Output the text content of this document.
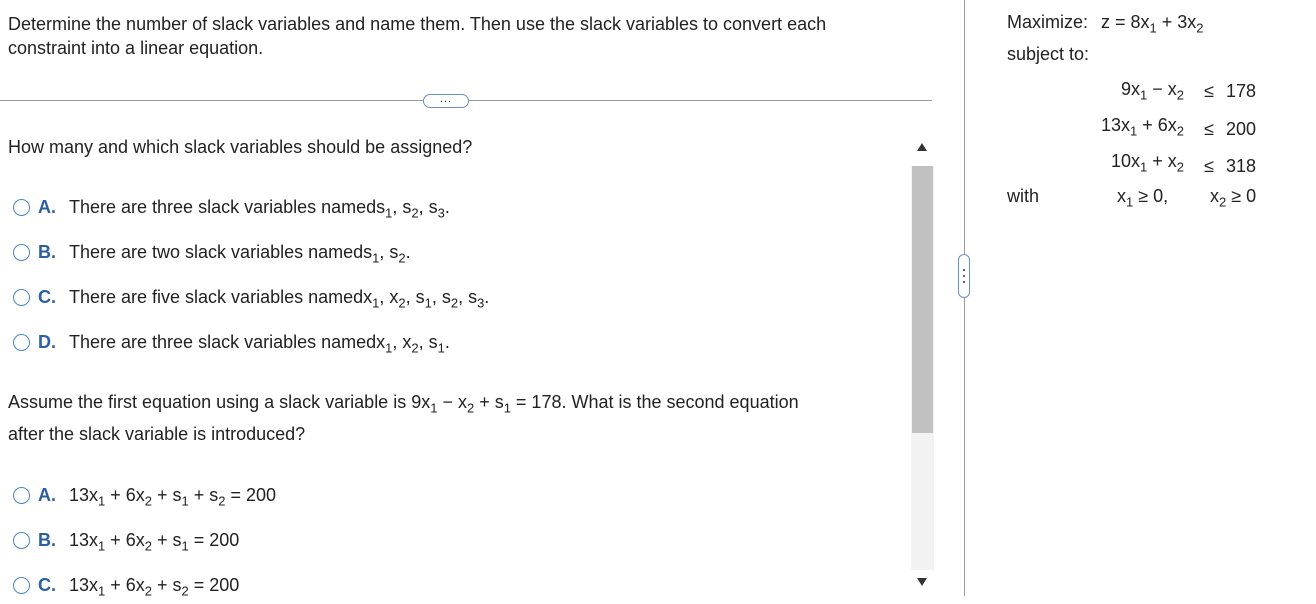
Determine the number of slack variables and name them. Then use the slack variables to convert each constraint into a linear equation.
...
How many and which slack variables should be assigned?
A. There are three slack variables named $s_1$, $s_2$, $s_3$.
B. There are two slack variables named $s_1$, $s_2$.
C. There are five slack variables named $x_1$, $x_2$, $s_1$, $s_2$, $s_3$.
D. There are three slack variables named $x_1$, $x_2$, $s_1$.
Assume the first equation using a slack variable is $9x_1 - x_2 + s_1 = 178$. What is the second equation
after the slack variable is introduced?
A. $13x_1 + 6x_2 + s_1 + s_2 = 200$
B. $13x_1 + 6x_2 + s_1 = 200$
C. $13x_1 + 6x_2 + s_2 = 200$
Maximize: $z = 8x_1 + 3x_2$
subject to:
$9x_1 - x_2 \le 178$
$13x_1 + 6x_2 \le 200$
$10x_1 + x_2 \le 318$
with	$x_1 \ge 0$, $x_2 \ge 0$
